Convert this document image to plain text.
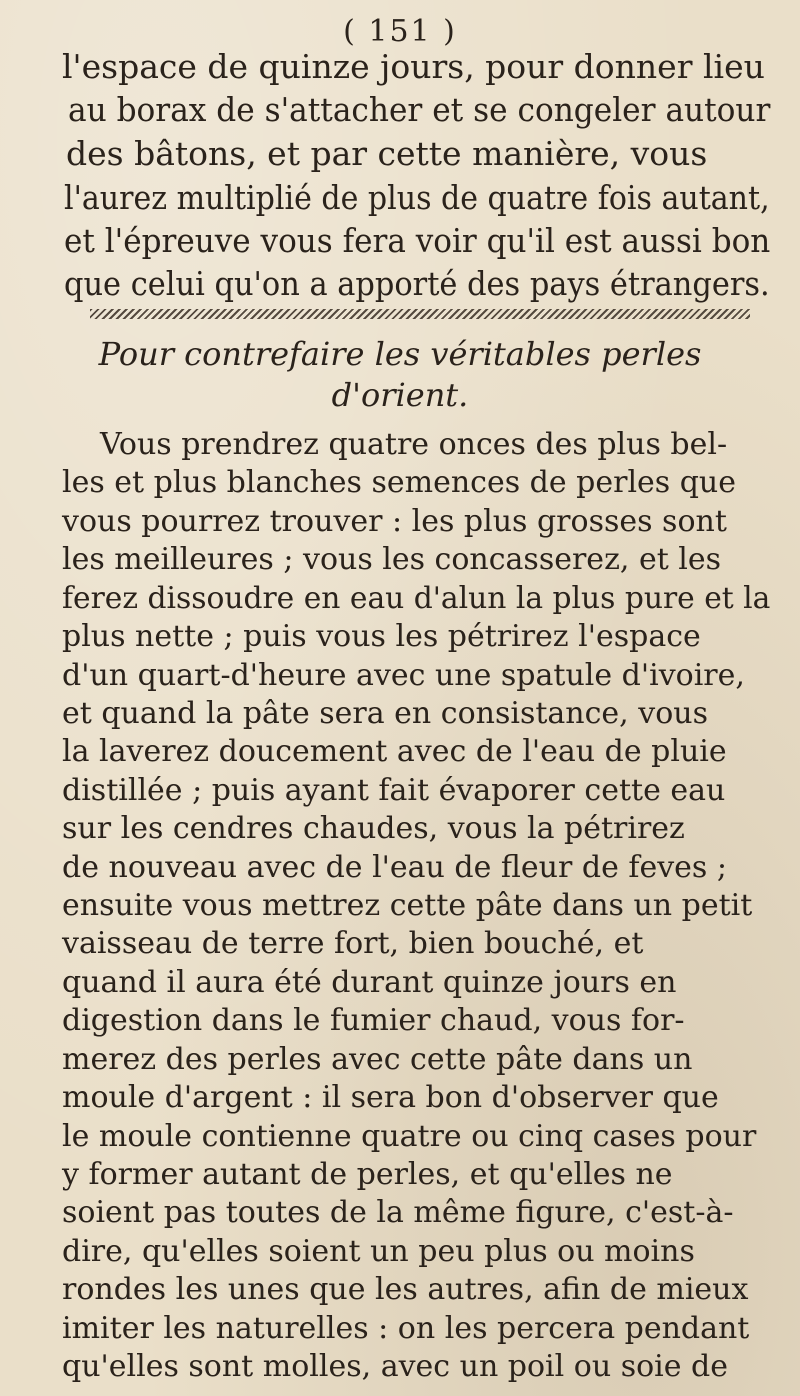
( 151 )
l'espace de quinze jours, pour donner lieu
au borax de s'attacher et se congeler autour
des bâtons, et par cette manière, vous
l'aurez multiplié de plus de quatre fois autant,
et l'épreuve vous fera voir qu'il est aussi bon
que celui qu'on a apporté des pays étrangers.
Pour contrefaire les véritables perles
d'orient.
Vous prendrez quatre onces des plus bel-
les et plus blanches semences de perles que
vous pourrez trouver : les plus grosses sont
les meilleures ; vous les concasserez, et les
ferez dissoudre en eau d'alun la plus pure et la
plus nette ; puis vous les pétrirez l'espace
d'un quart-d'heure avec une spatule d'ivoire,
et quand la pâte sera en consistance, vous
la laverez doucement avec de l'eau de pluie
distillée ; puis ayant fait évaporer cette eau
sur les cendres chaudes, vous la pétrirez
de nouveau avec de l'eau de fleur de feves ;
ensuite vous mettrez cette pâte dans un petit
vaisseau de terre fort, bien bouché, et
quand il aura été durant quinze jours en
digestion dans le fumier chaud, vous for-
merez des perles avec cette pâte dans un
moule d'argent : il sera bon d'observer que
le moule contienne quatre ou cinq cases pour
y former autant de perles, et qu'elles ne
soient pas toutes de la même figure, c'est-à-
dire, qu'elles soient un peu plus ou moins
rondes les unes que les autres, afin de mieux
imiter les naturelles : on les percera pendant
qu'elles sont molles, avec un poil ou soie de
